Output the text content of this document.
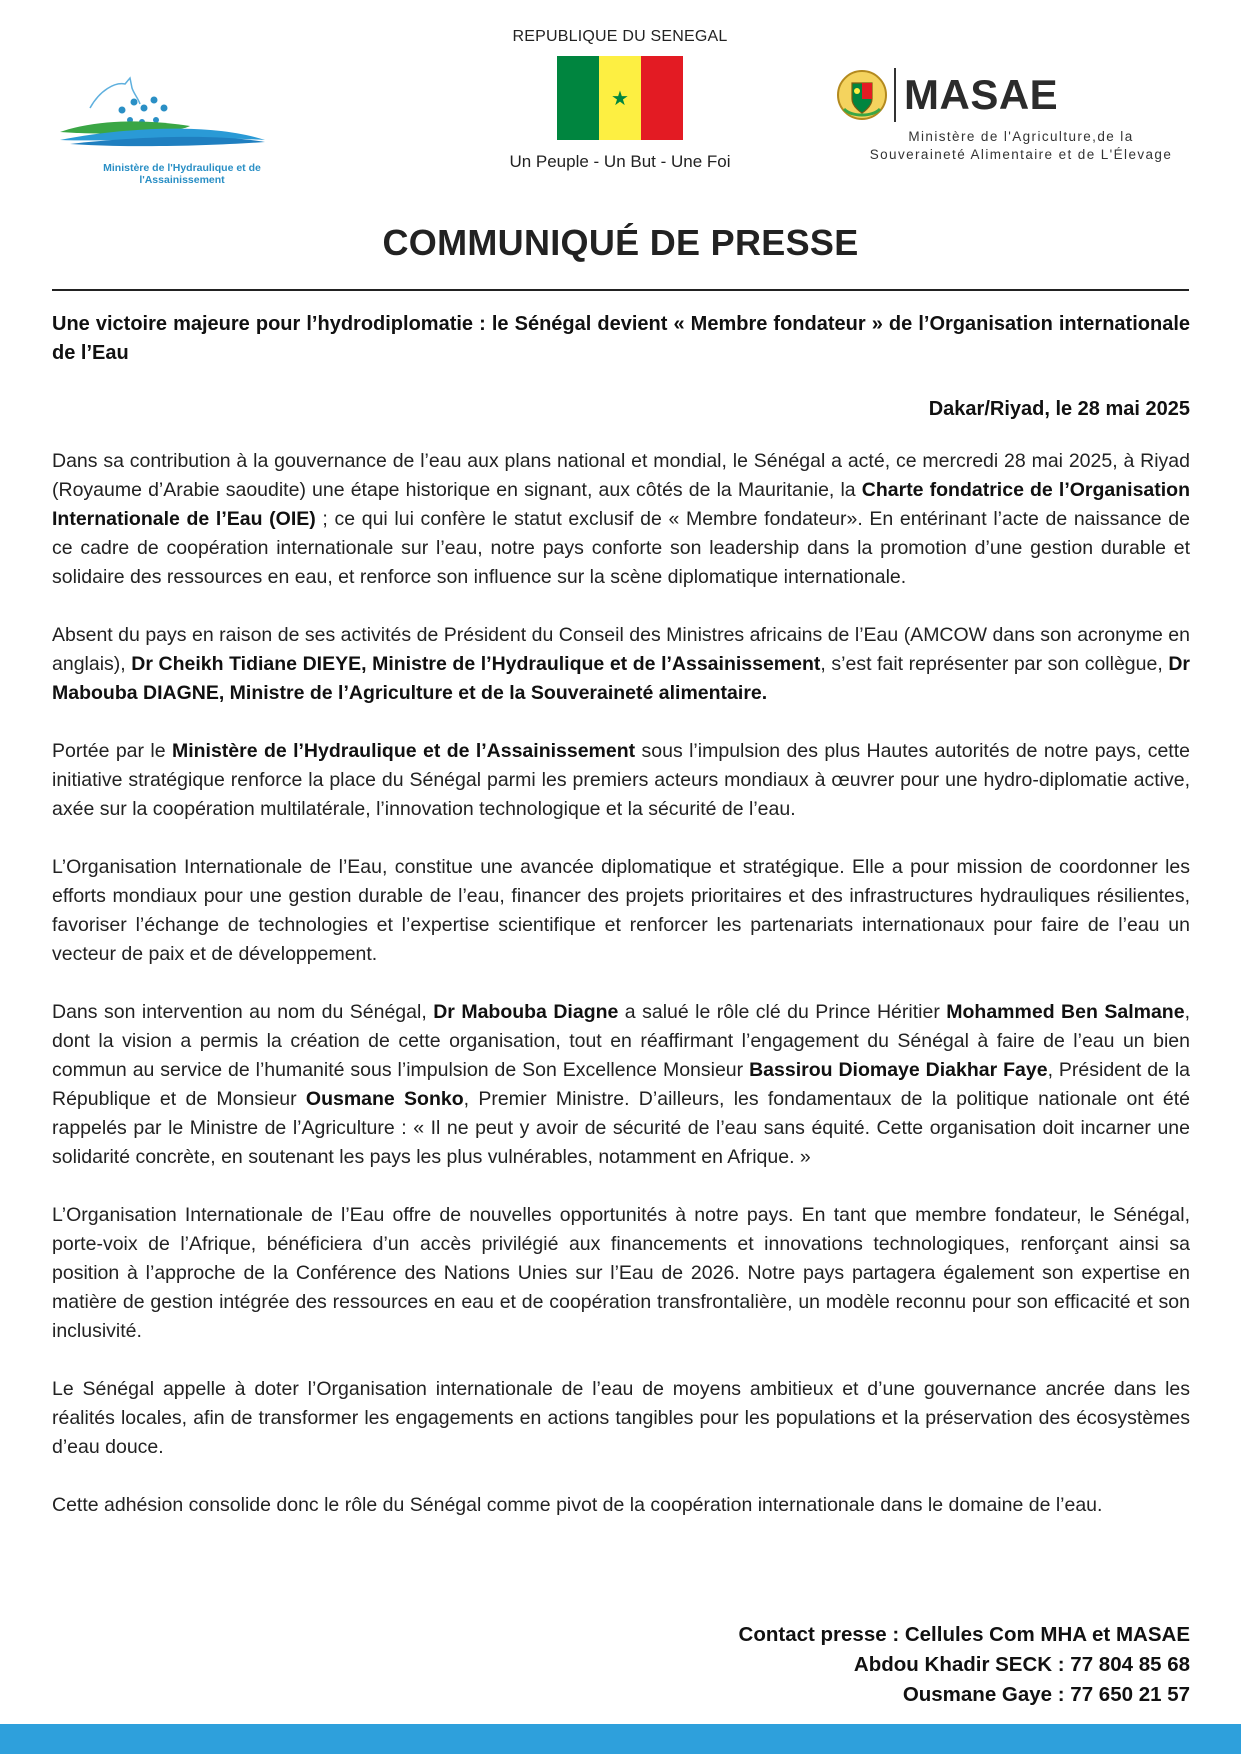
Ministère de l'Hydraulique et de l'Assainissement
REPUBLIQUE DU SENEGAL
★
Un Peuple - Un But - Une Foi
MASAE
Ministère de l'Agriculture,de la
Souveraineté Alimentaire et de L'Élevage
COMMUNIQUÉ DE PRESSE
Une victoire majeure pour l’hydrodiplomatie : le Sénégal devient « Membre fondateur » de l’Organisation internationale de l’Eau
Dakar/Riyad, le 28 mai 2025

Dans sa contribution à la gouvernance de l’eau aux plans national et mondial, le Sénégal a acté, ce mercredi 28 mai 2025, à Riyad (Royaume d’Arabie saoudite) une étape historique en signant, aux côtés de la Mauritanie, la Charte fondatrice de l’Organisation Internationale de l’Eau (OIE) ; ce qui lui confère le statut exclusif de « Membre fondateur». En entérinant l’acte de naissance de ce cadre de coopération internationale sur l’eau, notre pays conforte son leadership dans la promotion d’une gestion durable et solidaire des ressources en eau, et renforce son influence sur la scène diplomatique internationale.

Absent du pays en raison de ses activités de Président du Conseil des Ministres africains de l’Eau (AMCOW dans son acronyme en anglais), Dr Cheikh Tidiane DIEYE, Ministre de l’Hydraulique et de l’Assainissement, s’est fait représenter par son collègue, Dr Mabouba DIAGNE, Ministre de l’Agriculture et de la Souveraineté alimentaire.

Portée par le Ministère de l’Hydraulique et de l’Assainissement sous l’impulsion des plus Hautes autorités de notre pays, cette initiative stratégique renforce la place du Sénégal parmi les premiers acteurs mondiaux à œuvrer pour une hydro-diplomatie active, axée sur la coopération multilatérale, l’innovation technologique et la sécurité de l’eau.

L’Organisation Internationale de l’Eau, constitue une avancée diplomatique et stratégique. Elle a pour mission de coordonner les efforts mondiaux pour une gestion durable de l’eau, financer des projets prioritaires et des infrastructures hydrauliques résilientes, favoriser l’échange de technologies et l’expertise scientifique et renforcer les partenariats internationaux pour faire de l’eau un vecteur de paix et de développement.

Dans son intervention au nom du Sénégal, Dr Mabouba Diagne a salué le rôle clé du Prince Héritier Mohammed Ben Salmane, dont la vision a permis la création de cette organisation, tout en réaffirmant l’engagement du Sénégal à faire de l’eau un bien commun au service de l’humanité sous l’impulsion de Son Excellence Monsieur Bassirou Diomaye Diakhar Faye, Président de la République et de Monsieur Ousmane Sonko, Premier Ministre. D’ailleurs, les fondamentaux de la politique nationale ont été rappelés par le Ministre de l’Agriculture : « Il ne peut y avoir de sécurité de l’eau sans équité. Cette organisation doit incarner une solidarité concrète, en soutenant les pays les plus vulnérables, notamment en Afrique. »

L’Organisation Internationale de l’Eau offre de nouvelles opportunités à notre pays. En tant que membre fondateur, le Sénégal, porte-voix de l’Afrique, bénéficiera d’un accès privilégié aux financements et innovations technologiques, renforçant ainsi sa position à l’approche de la Conférence des Nations Unies sur l’Eau de 2026. Notre pays partagera également son expertise en matière de gestion intégrée des ressources en eau et de coopération transfrontalière, un modèle reconnu pour son efficacité et son inclusivité.

Le Sénégal appelle à doter l’Organisation internationale de l’eau de moyens ambitieux et d’une gouvernance ancrée dans les réalités locales, afin de transformer les engagements en actions tangibles pour les populations et la préservation des écosystèmes d’eau douce.

Cette adhésion consolide donc le rôle du Sénégal comme pivot de la coopération internationale dans le domaine de l’eau.

Contact presse : Cellules Com MHA et MASAE
Abdou Khadir SECK : 77 804 85 68
Ousmane Gaye : 77 650 21 57
